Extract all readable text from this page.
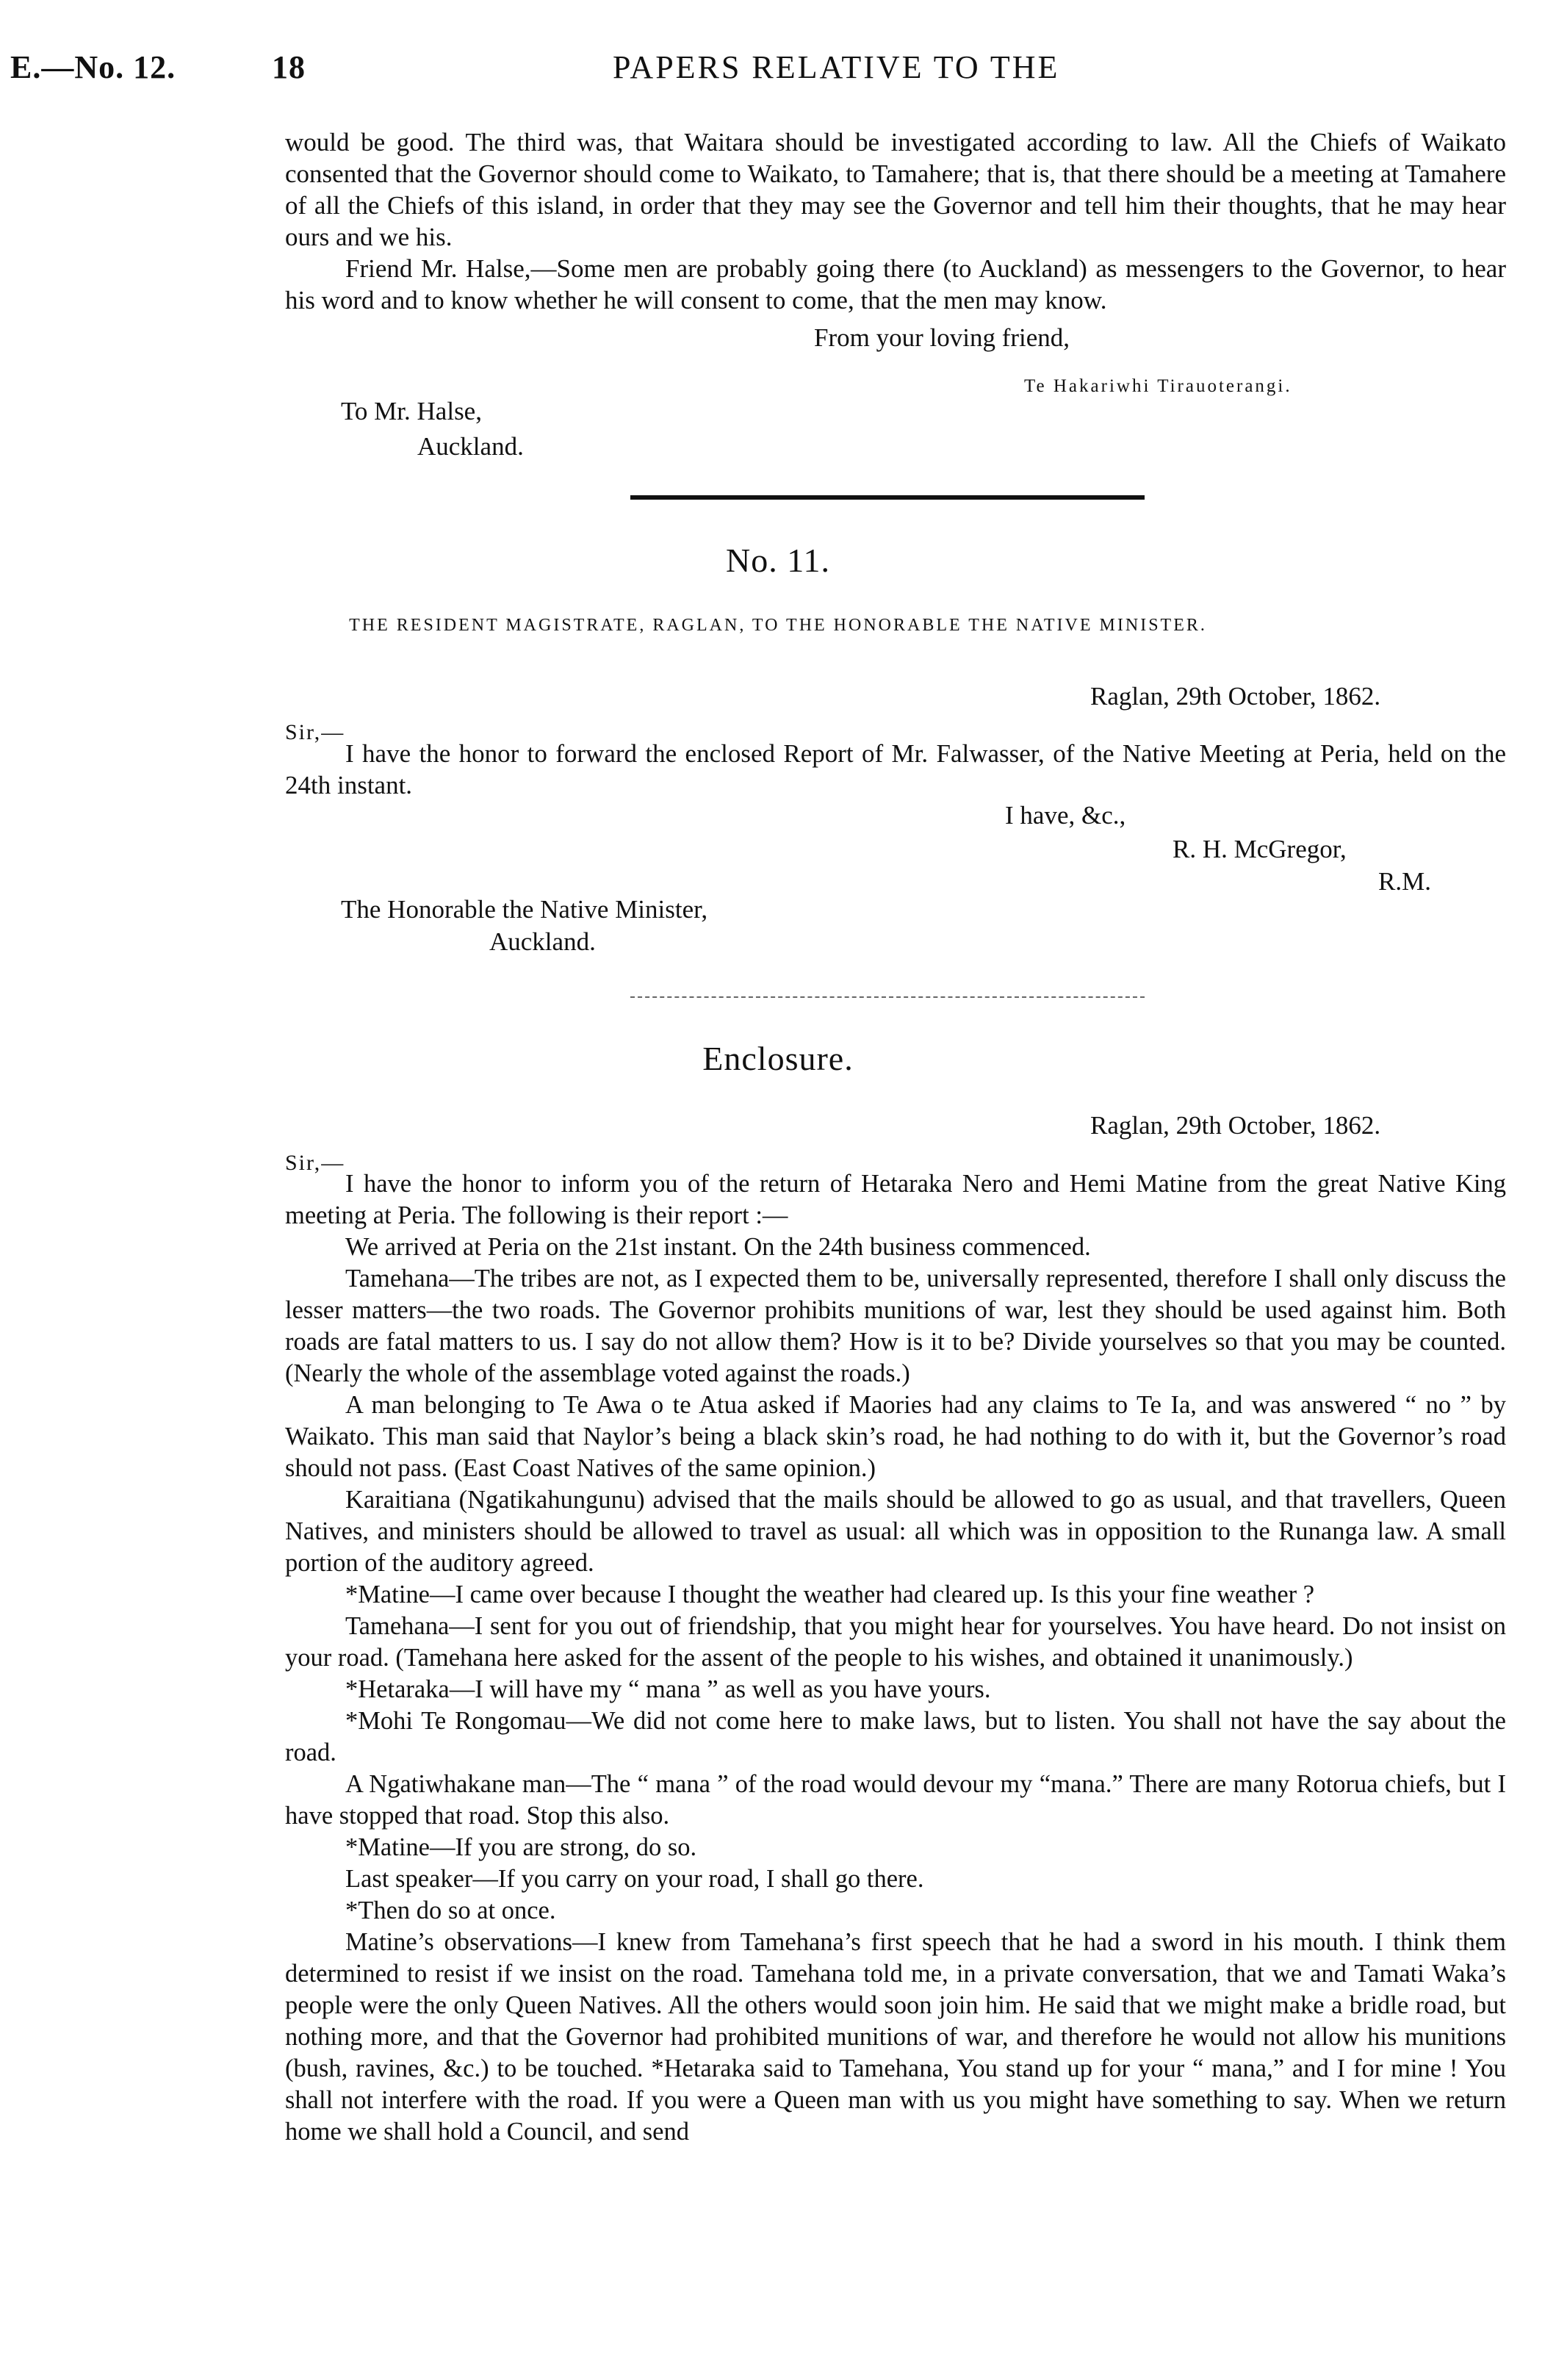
E.—No. 12.	18	PAPERS RELATIVE TO THE

would be good. The third was, that Waitara should be investigated according to law. All the Chiefs of Waikato consented that the Governor should come to Waikato, to Tamahere; that is, that there should be a meeting at Tamahere of all the Chiefs of this island, in order that they may see the Governor and tell him their thoughts, that he may hear ours and we his.

Friend Mr. Halse,—Some men are probably going there (to Auckland) as messengers to the Governor, to hear his word and to know whether he will consent to come, that the men may know.

From your loving friend,
Te Hakariwhi Tirauoterangi.
To Mr. Halse,
Auckland.
No. 11.
THE RESIDENT MAGISTRATE, RAGLAN, TO THE HONORABLE THE NATIVE MINISTER.
Raglan, 29th October, 1862.
Sir,—

I have the honor to forward the enclosed Report of Mr. Falwasser, of the Native Meeting at Peria, held on the 24th instant.

I have, &c.,
R. H. McGregor,
R.M.
The Honorable the Native Minister,
Auckland.
Enclosure.
Raglan, 29th October, 1862.
Sir,—

I have the honor to inform you of the return of Hetaraka Nero and Hemi Matine from the great Native King meeting at Peria. The following is their report :—

We arrived at Peria on the 21st instant. On the 24th business commenced.

Tamehana—The tribes are not, as I expected them to be, universally represented, therefore I shall only discuss the lesser matters—the two roads. The Governor prohibits munitions of war, lest they should be used against him. Both roads are fatal matters to us. I say do not allow them? How is it to be? Divide yourselves so that you may be counted. (Nearly the whole of the assemblage voted against the roads.)

A man belonging to Te Awa o te Atua asked if Maories had any claims to Te Ia, and was answered “ no ” by Waikato. This man said that Naylor’s being a black skin’s road, he had nothing to do with it, but the Governor’s road should not pass. (East Coast Natives of the same opinion.)

Karaitiana (Ngatikahungunu) advised that the mails should be allowed to go as usual, and that travellers, Queen Natives, and ministers should be allowed to travel as usual: all which was in opposition to the Runanga law. A small portion of the auditory agreed.

*Matine—I came over because I thought the weather had cleared up. Is this your fine weather ?

Tamehana—I sent for you out of friendship, that you might hear for yourselves. You have heard. Do not insist on your road. (Tamehana here asked for the assent of the people to his wishes, and obtained it unanimously.)

*Hetaraka—I will have my “ mana ” as well as you have yours.

*Mohi Te Rongomau—We did not come here to make laws, but to listen. You shall not have the say about the road.

A Ngatiwhakane man—The “ mana ” of the road would devour my “mana.” There are many Rotorua chiefs, but I have stopped that road. Stop this also.

*Matine—If you are strong, do so.

Last speaker—If you carry on your road, I shall go there.

*Then do so at once.

Matine’s observations—I knew from Tamehana’s first speech that he had a sword in his mouth. I think them determined to resist if we insist on the road. Tamehana told me, in a private conversation, that we and Tamati Waka’s people were the only Queen Natives. All the others would soon join him. He said that we might make a bridle road, but nothing more, and that the Governor had prohibited munitions of war, and therefore he would not allow his munitions (bush, ravines, &c.) to be touched. *Hetaraka said to Tamehana, You stand up for your “ mana,” and I for mine ! You shall not interfere with the road. If you were a Queen man with us you might have something to say. When we return home we shall hold a Council, and send
